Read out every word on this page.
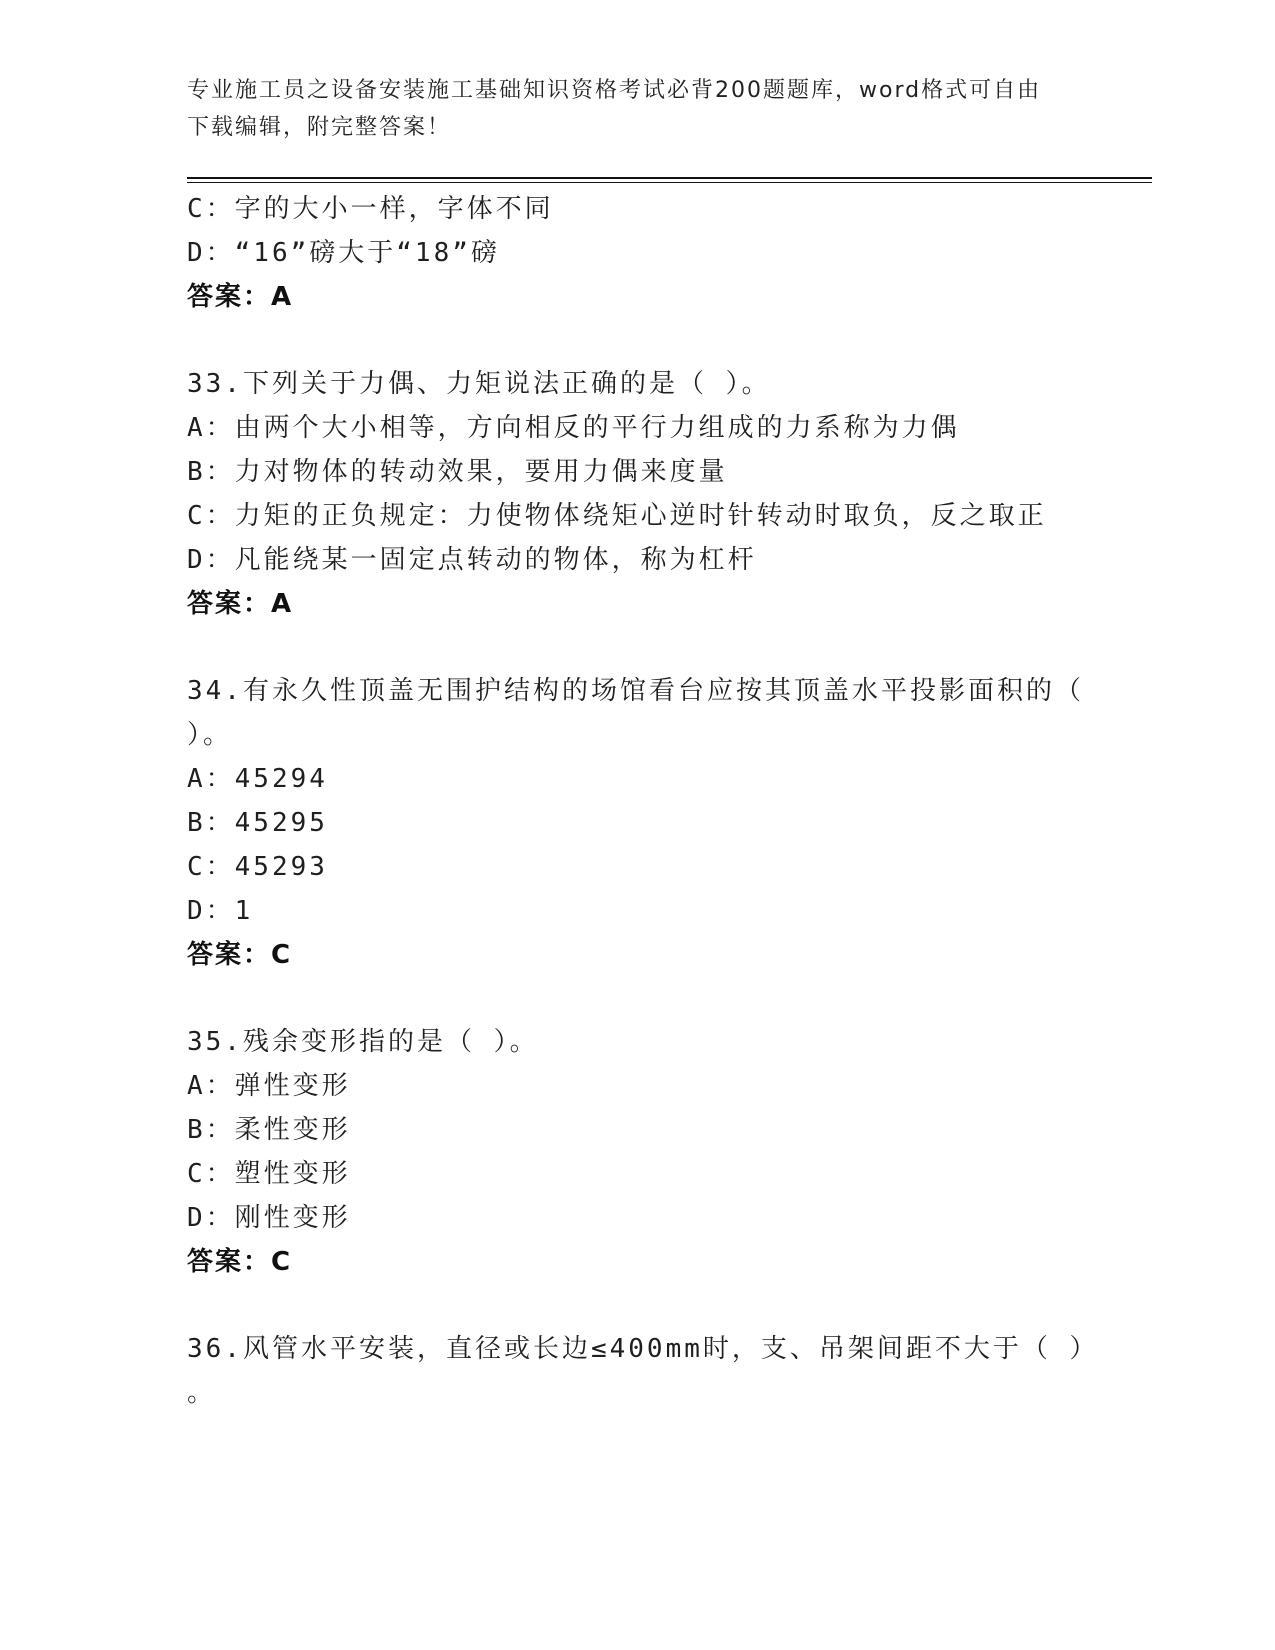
专业施工员之设备安装施工基础知识资格考试必背200题题库，word格式可自由
下载编辑，附完整答案！
C：字的大小一样，字体不同
D：“16”磅大于“18”磅
答案：A
33.下列关于力偶、力矩说法正确的是（ ）。
A：由两个大小相等，方向相反的平行力组成的力系称为力偶
B：力对物体的转动效果，要用力偶来度量
C：力矩的正负规定：力使物体绕矩心逆时针转动时取负，反之取正
D：凡能绕某一固定点转动的物体，称为杠杆
答案：A
34.有永久性顶盖无围护结构的场馆看台应按其顶盖水平投影面积的（
）。
A：45294
B：45295
C：45293
D：1
答案：C
35.残余变形指的是（ ）。
A：弹性变形
B：柔性变形
C：塑性变形
D：刚性变形
答案：C
36.风管水平安装，直径或长边≤400mm时，支、吊架间距不大于（ ）
。
